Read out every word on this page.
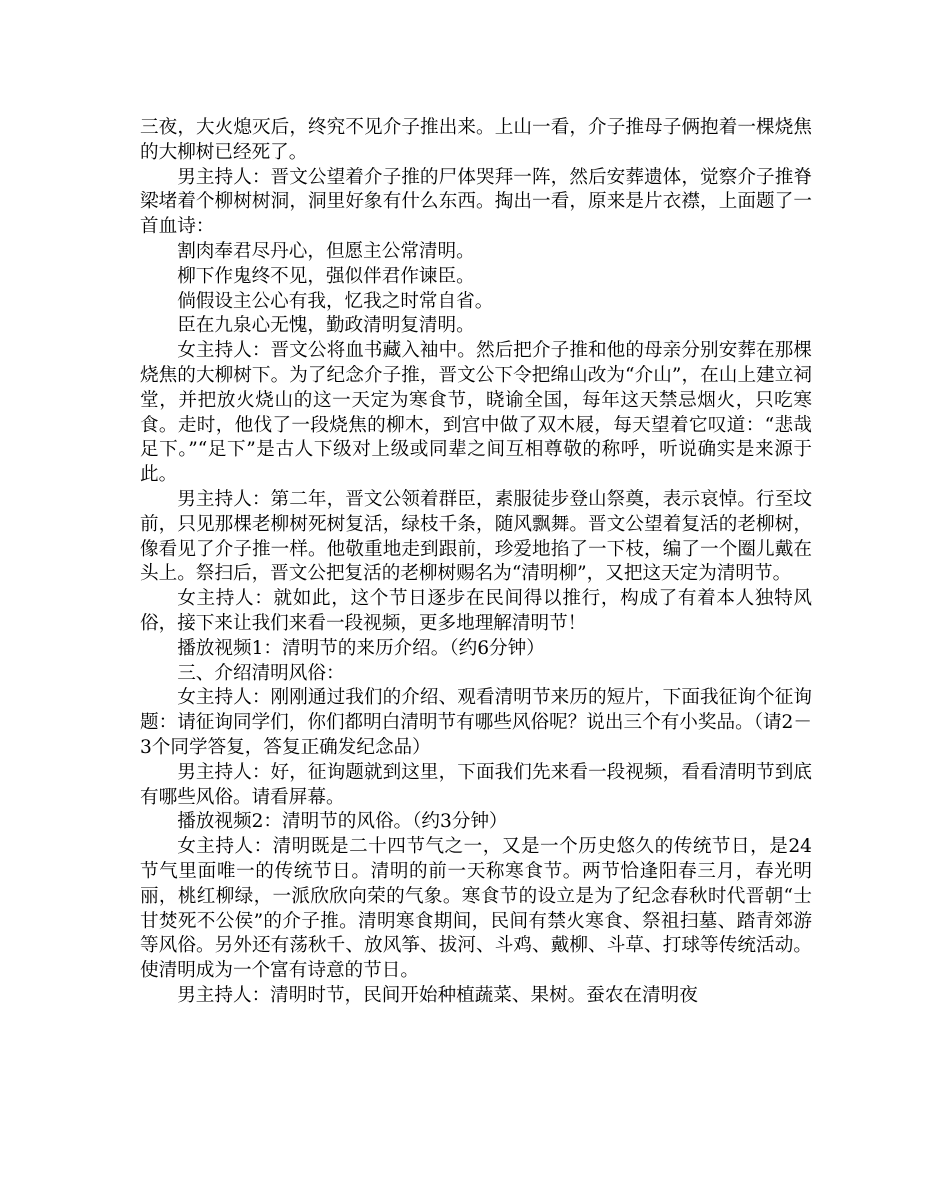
三夜，大火熄灭后，终究不见介子推出来。上山一看，介子推母子俩抱着一棵烧焦的大柳树已经死了。

男主持人：晋文公望着介子推的尸体哭拜一阵，然后安葬遗体，觉察介子推脊梁堵着个柳树树洞，洞里好象有什么东西。掏出一看，原来是片衣襟，上面题了一首血诗：

割肉奉君尽丹心，但愿主公常清明。

柳下作鬼终不见，强似伴君作谏臣。

倘假设主公心有我，忆我之时常自省。

臣在九泉心无愧，勤政清明复清明。

女主持人：晋文公将血书藏入袖中。然后把介子推和他的母亲分别安葬在那棵烧焦的大柳树下。为了纪念介子推，晋文公下令把绵山改为“介山”，在山上建立祠堂，并把放火烧山的这一天定为寒食节，晓谕全国，每年这天禁忌烟火，只吃寒食。走时，他伐了一段烧焦的柳木，到宫中做了双木屐，每天望着它叹道：“悲哉足下。”“足下”是古人下级对上级或同辈之间互相尊敬的称呼，听说确实是来源于此。

男主持人：第二年，晋文公领着群臣，素服徒步登山祭奠，表示哀悼。行至坟前，只见那棵老柳树死树复活，绿枝千条，随风飘舞。晋文公望着复活的老柳树，像看见了介子推一样。他敬重地走到跟前，珍爱地掐了一下枝，编了一个圈儿戴在头上。祭扫后，晋文公把复活的老柳树赐名为“清明柳”，又把这天定为清明节。

女主持人：就如此，这个节日逐步在民间得以推行，构成了有着本人独特风俗，接下来让我们来看一段视频，更多地理解清明节！

播放视频1：清明节的来历介绍。（约6分钟）

三、介绍清明风俗：

女主持人：刚刚通过我们的介绍、观看清明节来历的短片，下面我征询个征询题：请征询同学们，你们都明白清明节有哪些风俗呢？说出三个有小奖品。（请2－3个同学答复，答复正确发纪念品）

男主持人：好，征询题就到这里，下面我们先来看一段视频，看看清明节到底有哪些风俗。请看屏幕。

播放视频2：清明节的风俗。（约3分钟）

女主持人：清明既是二十四节气之一，又是一个历史悠久的传统节日，是24节气里面唯一的传统节日。清明的前一天称寒食节。两节恰逢阳春三月，春光明丽，桃红柳绿，一派欣欣向荣的气象。寒食节的设立是为了纪念春秋时代晋朝“士甘焚死不公侯”的介子推。清明寒食期间，民间有禁火寒食、祭祖扫墓、踏青郊游等风俗。另外还有荡秋千、放风筝、拔河、斗鸡、戴柳、斗草、打球等传统活动。使清明成为一个富有诗意的节日。

男主持人：清明时节，民间开始种植蔬菜、果树。蚕农在清明夜
